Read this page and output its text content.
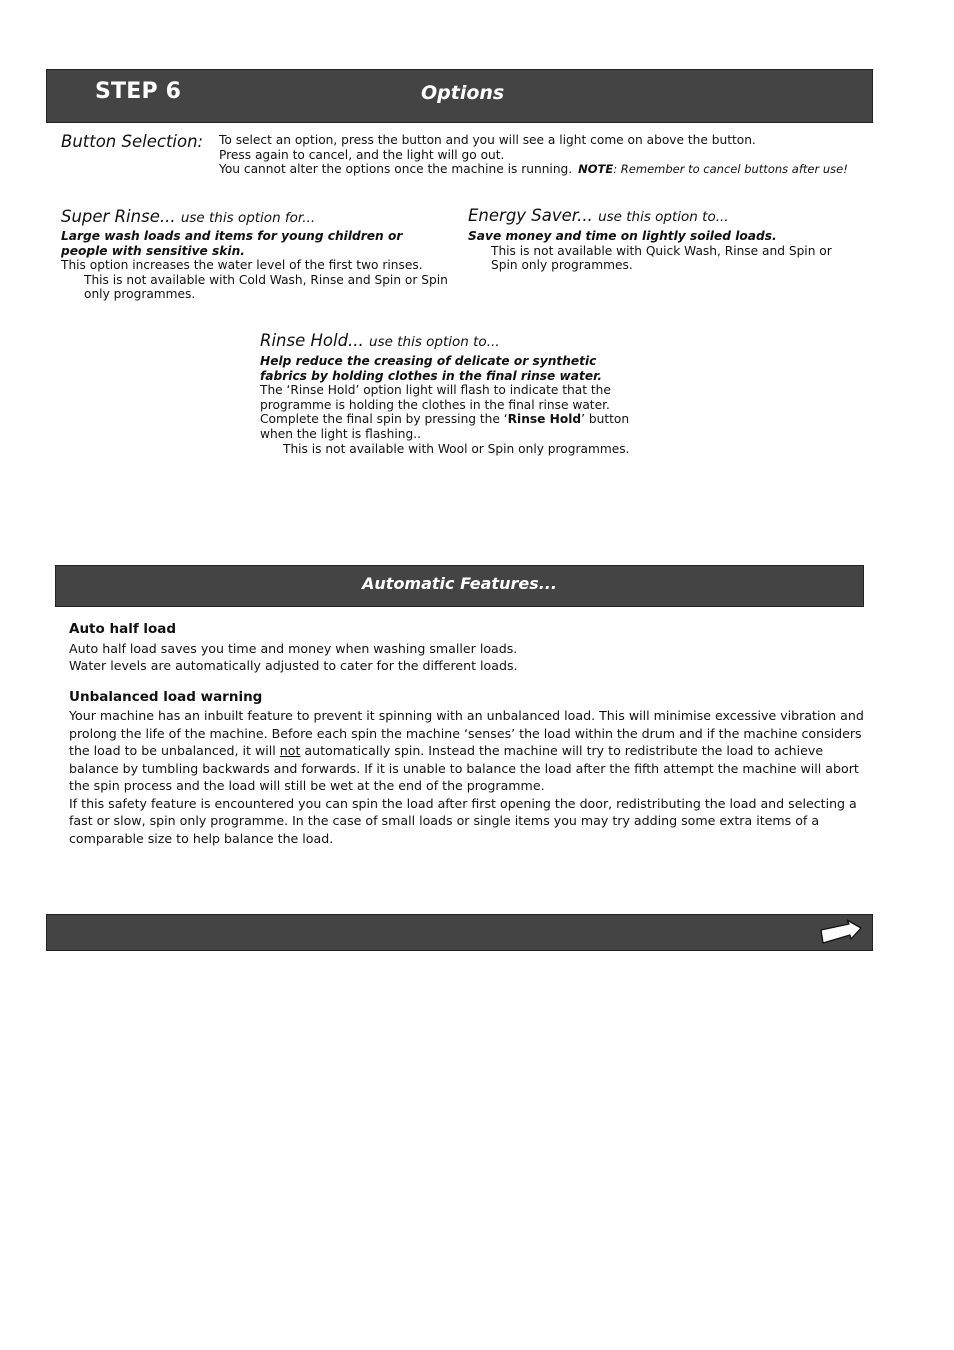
STEP 6	Options
Button Selection: To select an option, press the button and you will see a light come on above the button.
Press again to cancel, and the light will go out.
You cannot alter the options once the machine is running. NOTE: Remember to cancel buttons after use!
Super Rinse... use this option for...
Large wash loads and items for young children or people with sensitive skin.
This option increases the water level of the first two rinses.
This is not available with Cold Wash, Rinse and Spin or Spin only programmes.
Energy Saver... use this option to...
Save money and time on lightly soiled loads.
This is not available with Quick Wash, Rinse and Spin or Spin only programmes.
Rinse Hold... use this option to...
Help reduce the creasing of delicate or synthetic fabrics by holding clothes in the final rinse water.
The ‘Rinse Hold’ option light will flash to indicate that the programme is holding the clothes in the final rinse water. Complete the final spin by pressing the ‘Rinse Hold’ button when the light is flashing..
This is not available with Wool or Spin only programmes.
Automatic Features...
Auto half load
Auto half load saves you time and money when washing smaller loads.
Water levels are automatically adjusted to cater for the different loads.
Unbalanced load warning
Your machine has an inbuilt feature to prevent it spinning with an unbalanced load. This will minimise excessive vibration and prolong the life of the machine. Before each spin the machine ‘senses’ the load within the drum and if the machine considers the load to be unbalanced, it will not automatically spin. Instead the machine will try to redistribute the load to achieve balance by tumbling backwards and forwards. If it is unable to balance the load after the fifth attempt the machine will abort the spin process and the load will still be wet at the end of the programme.
If this safety feature is encountered you can spin the load after first opening the door, redistributing the load and selecting a fast or slow, spin only programme. In the case of small loads or single items you may try adding some extra items of a comparable size to help balance the load.
